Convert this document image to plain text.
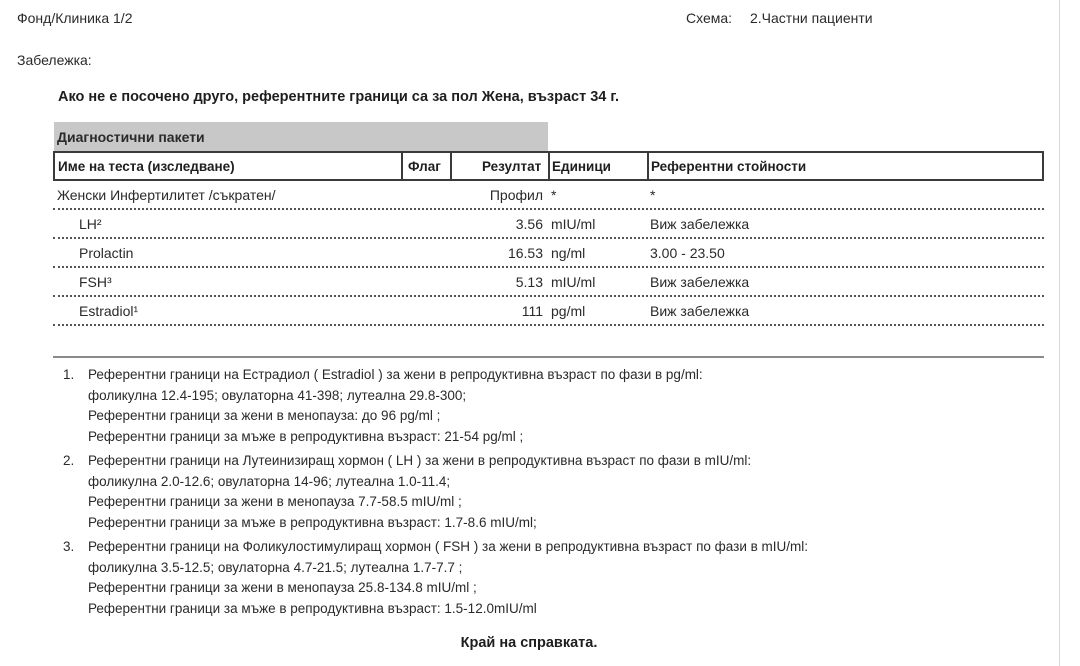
Фонд/Клиника 1/2	Схема: 2.Частни пациенти
Забележка:
Ако не е посочено друго, референтните граници са за пол Жена, възраст 34 г.
Диагностични пакети
Име на теста (изследване)	Флаг	Резултат Единици	Референтни стойности
Женски Инфертилитет /съкратен/	Профил *	*
LH²	3.56 mIU/ml	Виж забележка
Prolactin	16.53 ng/ml	3.00 - 23.50
FSH³	5.13 mIU/ml	Виж забележка
Estradiol¹	111 pg/ml	Виж забележка
1. Референтни граници на Естрадиол ( Estradiol ) за жени в репродуктивна възраст по фази в pg/ml:
фоликулна 12.4-195; овулаторна 41-398; лутеална 29.8-300;
Референтни граници за жени в менопауза: до 96 pg/ml ;
Референтни граници за мъже в репродуктивна възраст: 21-54 pg/ml ;
2. Референтни граници на Лутеинизиращ хормон ( LH ) за жени в репродуктивна възраст по фази в mIU/ml:
фоликулна 2.0-12.6; овулаторна 14-96; лутеална 1.0-11.4;
Референтни граници за жени в менопауза 7.7-58.5 mIU/ml ;
Референтни граници за мъже в репродуктивна възраст: 1.7-8.6 mIU/ml;
3. Референтни граници на Фоликулостимулиращ хормон ( FSH ) за жени в репродуктивна възраст по фази в mIU/ml:
фоликулна 3.5-12.5; овулаторна 4.7-21.5; лутеална 1.7-7.7 ;
Референтни граници за жени в менопауза 25.8-134.8 mIU/ml ;
Референтни граници за мъже в репродуктивна възраст: 1.5-12.0mIU/ml
Край на справката.
